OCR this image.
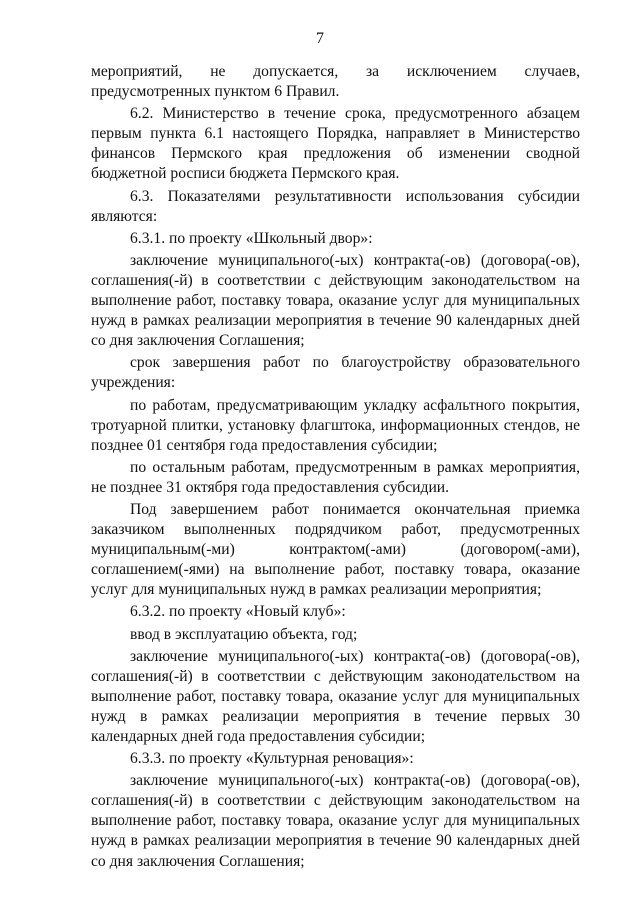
7

мероприятий, не допускается, за исключением случаев, предусмотренных пунктом 6 Правил.

6.2. Министерство в течение срока, предусмотренного абзацем первым пункта 6.1 настоящего Порядка, направляет в Министерство финансов Пермского края предложения об изменении сводной бюджетной росписи бюджета Пермского края.

6.3. Показателями результативности использования субсидии являются:

6.3.1. по проекту «Школьный двор»:

заключение муниципального(-ых) контракта(-ов) (договора(-ов), соглашения(-й) в соответствии с действующим законодательством на выполнение работ, поставку товара, оказание услуг для муниципальных нужд в рамках реализации мероприятия в течение 90 календарных дней со дня заключения Соглашения;

срок завершения работ по благоустройству образовательного учреждения:

по работам, предусматривающим укладку асфальтного покрытия, тротуарной плитки, установку флагштока, информационных стендов, не позднее 01 сентября года предоставления субсидии;

по остальным работам, предусмотренным в рамках мероприятия, не позднее 31 октября года предоставления субсидии.

Под завершением работ понимается окончательная приемка заказчиком выполненных подрядчиком работ, предусмотренных муниципальным(-ми) контрактом(-ами) (договором(-ами), соглашением(-ями) на выполнение работ, поставку товара, оказание услуг для муниципальных нужд в рамках реализации мероприятия;

6.3.2. по проекту «Новый клуб»:

ввод в эксплуатацию объекта, год;

заключение муниципального(-ых) контракта(-ов) (договора(-ов), соглашения(-й) в соответствии с действующим законодательством на выполнение работ, поставку товара, оказание услуг для муниципальных нужд в рамках реализации мероприятия в течение первых 30 календарных дней года предоставления субсидии;

6.3.3. по проекту «Культурная реновация»:

заключение муниципального(-ых) контракта(-ов) (договора(-ов), соглашения(-й) в соответствии с действующим законодательством на выполнение работ, поставку товара, оказание услуг для муниципальных нужд в рамках реализации мероприятия в течение 90 календарных дней со дня заключения Соглашения;
